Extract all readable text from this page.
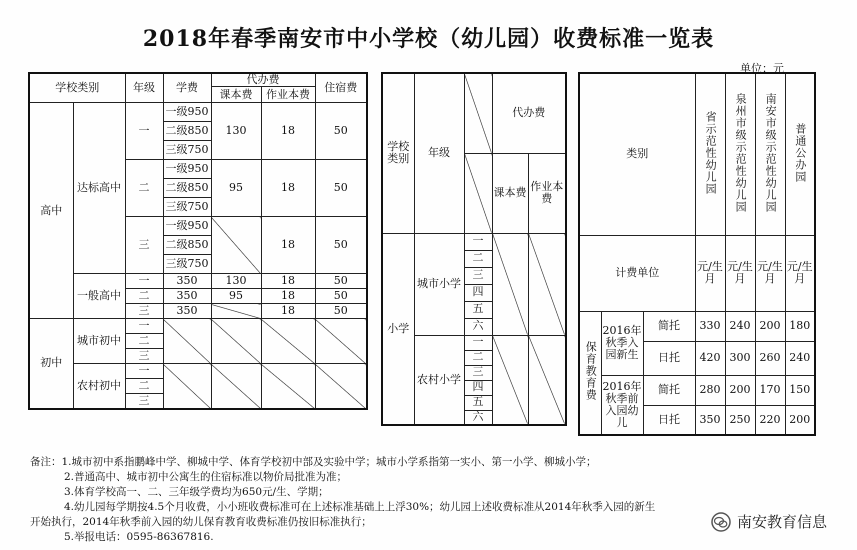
2018年春季南安市中小学校（幼儿园）收费标准一览表
单位：元
学校类别		年级	学费	代办费		住宿费
				课本费	作业本费	
高中	达标高中	一	一级950	130	18	50
			二级850			
			三级750			
		二	一级950	95	18	50
			二级850			
			三级750			
		三	一级950		18	50
			二级850			
			三级750			
	一般高中	一	350	130	18	50
		二	350	95	18	50
		三	350		18	50
初中	城市初中	一				
		二				
		三				
	农村初中	一				
		二				
		三				
学校类别	年级		代办费	
			课本费	作业本费
小学	城市小学	一		
		二		
		三		
		四		
		五		
		六		
	农村小学	一		
		二		
		三		
		四		
		五		
		六		
类别			省示范性幼儿园	泉州市级示范性幼儿园	南安市级示范性幼儿园	普通公办园
计费单位			元/生月	元/生月	元/生月	元/生月
保育教育费	2016年秋季入园新生	简托	330	240	200	180
		日托	420	300	260	240
	2016年秋季前入园幼儿	简托	280	200	170	150
		日托	350	250	220	200
备注：1.城市初中系指鹏峰中学、柳城中学、体育学校初中部及实验中学；城市小学系指第一实小、第一小学、柳城小学；
2.普通高中、城市初中公寓生的住宿标准以物价局批准为准；
3.体育学校高一、二、三年级学费均为650元/生、学期；
4.幼儿园每学期按4.5个月收费，小小班收费标准可在上述标准基础上上浮30%；幼儿园上述收费标准从2014年秋季入园的新生
开始执行，2014年秋季前入园的幼儿保育教育收费标准仍按旧标准执行；
5.举报电话：0595-86367816.
南安教育信息
